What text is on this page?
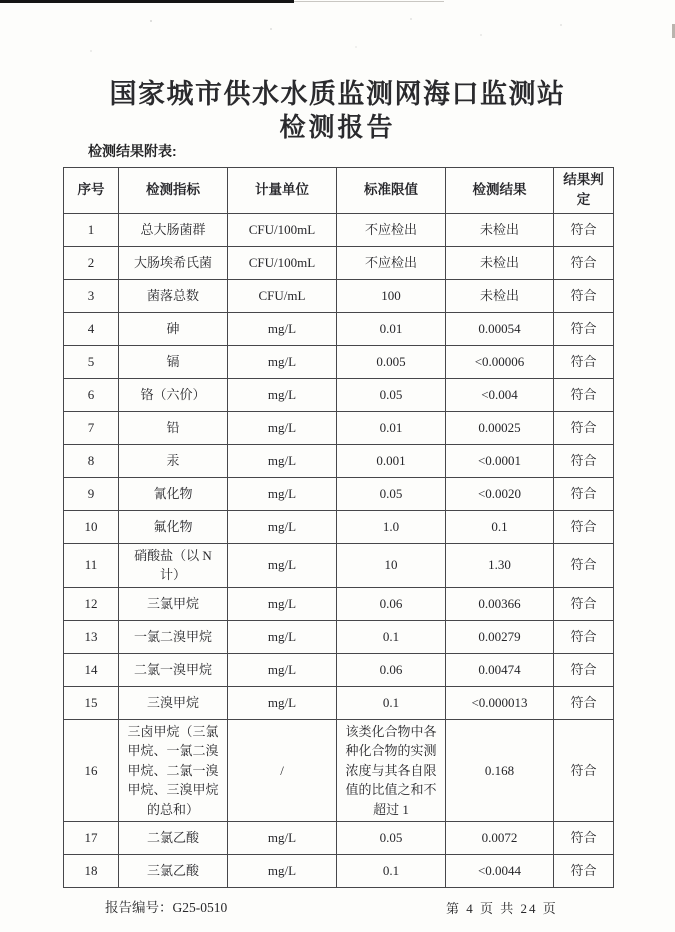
国家城市供水水质监测网海口监测站
检测报告
检测结果附表:
序号	检测指标	计量单位	标准限值	检测结果	结果判定
1	总大肠菌群	CFU/100mL	不应检出	未检出	符合
2	大肠埃希氏菌	CFU/100mL	不应检出	未检出	符合
3	菌落总数	CFU/mL	100	未检出	符合
4	砷	mg/L	0.01	0.00054	符合
5	镉	mg/L	0.005	<0.00006	符合
6	铬（六价）	mg/L	0.05	<0.004	符合
7	铅	mg/L	0.01	0.00025	符合
8	汞	mg/L	0.001	<0.0001	符合
9	氰化物	mg/L	0.05	<0.0020	符合
10	氟化物	mg/L	1.0	0.1	符合
11	硝酸盐（以 N 计）	mg/L	10	1.30	符合
12	三氯甲烷	mg/L	0.06	0.00366	符合
13	一氯二溴甲烷	mg/L	0.1	0.00279	符合
14	二氯一溴甲烷	mg/L	0.06	0.00474	符合
15	三溴甲烷	mg/L	0.1	<0.000013	符合
16	三卤甲烷（三氯甲烷、一氯二溴甲烷、二氯一溴甲烷、三溴甲烷的总和）	/	该类化合物中各种化合物的实测浓度与其各自限值的比值之和不超过 1	0.168	符合
17	二氯乙酸	mg/L	0.05	0.0072	符合
18	三氯乙酸	mg/L	0.1	<0.0044	符合
报告编号：G25-0510	第 4 页 共 24 页
